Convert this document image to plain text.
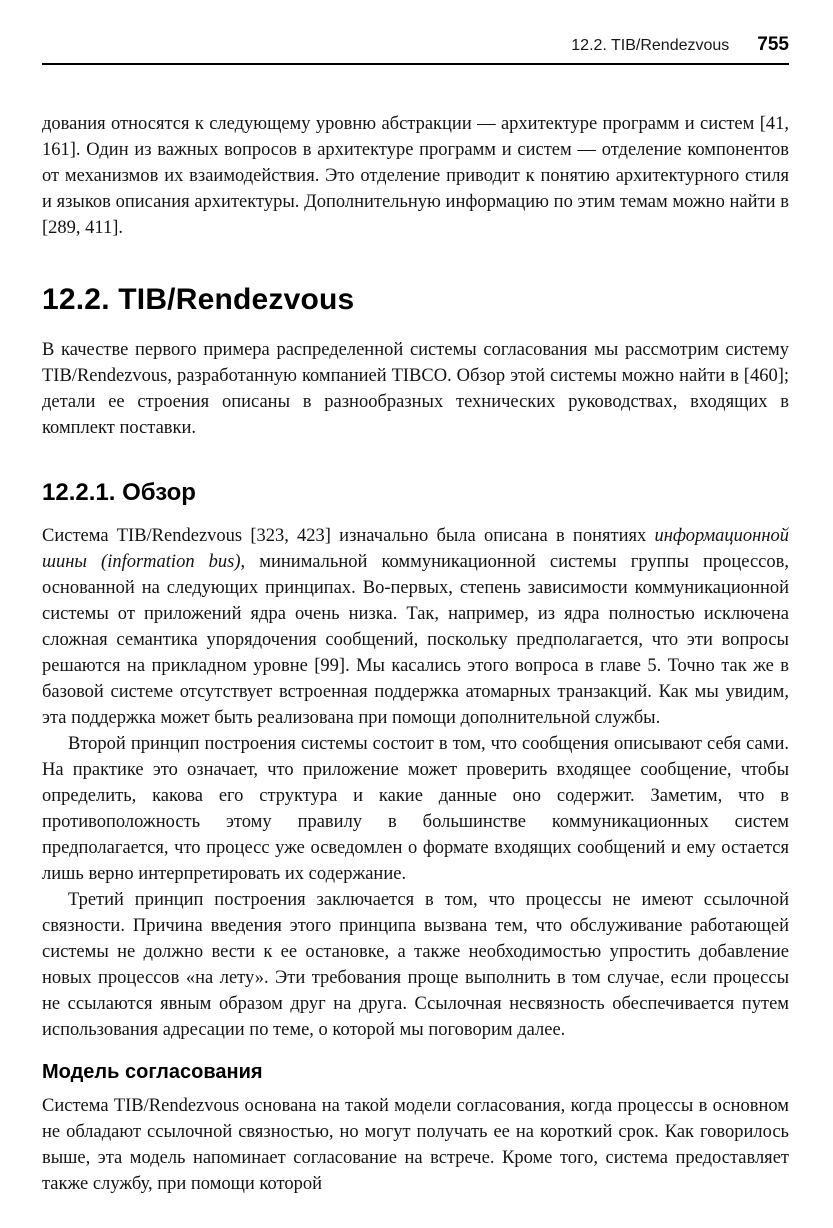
12.2. TIB/Rendezvous 755

дования относятся к следующему уровню абстракции — архитектуре программ и систем [41, 161]. Один из важных вопросов в архитектуре программ и систем — отделение компонентов от механизмов их взаимодействия. Это отделение приводит к понятию архитектурного стиля и языков описания архитектуры. Дополнительную информацию по этим темам можно найти в [289, 411].

12.2. TIB/Rendezvous

В качестве первого примера распределенной системы согласования мы рассмотрим систему TIB/Rendezvous, разработанную компанией TIBCO. Обзор этой системы можно найти в [460]; детали ее строения описаны в разнообразных технических руководствах, входящих в комплект поставки.

12.2.1. Обзор

Система TIB/Rendezvous [323, 423] изначально была описана в понятиях информационной шины (information bus), минимальной коммуникационной системы группы процессов, основанной на следующих принципах. Во-первых, степень зависимости коммуникационной системы от приложений ядра очень низка. Так, например, из ядра полностью исключена сложная семантика упорядочения сообщений, поскольку предполагается, что эти вопросы решаются на прикладном уровне [99]. Мы касались этого вопроса в главе 5. Точно так же в базовой системе отсутствует встроенная поддержка атомарных транзакций. Как мы увидим, эта поддержка может быть реализована при помощи дополнительной службы.

Второй принцип построения системы состоит в том, что сообщения описывают себя сами. На практике это означает, что приложение может проверить входящее сообщение, чтобы определить, какова его структура и какие данные оно содержит. Заметим, что в противоположность этому правилу в большинстве коммуникационных систем предполагается, что процесс уже осведомлен о формате входящих сообщений и ему остается лишь верно интерпретировать их содержание.

Третий принцип построения заключается в том, что процессы не имеют ссылочной связности. Причина введения этого принципа вызвана тем, что обслуживание работающей системы не должно вести к ее остановке, а также необходимостью упростить добавление новых процессов «на лету». Эти требования проще выполнить в том случае, если процессы не ссылаются явным образом друг на друга. Ссылочная несвязность обеспечивается путем использования адресации по теме, о которой мы поговорим далее.

Модель согласования

Система TIB/Rendezvous основана на такой модели согласования, когда процессы в основном не обладают ссылочной связностью, но могут получать ее на короткий срок. Как говорилось выше, эта модель напоминает согласование на встрече. Кроме того, система предоставляет также службу, при помощи которой
